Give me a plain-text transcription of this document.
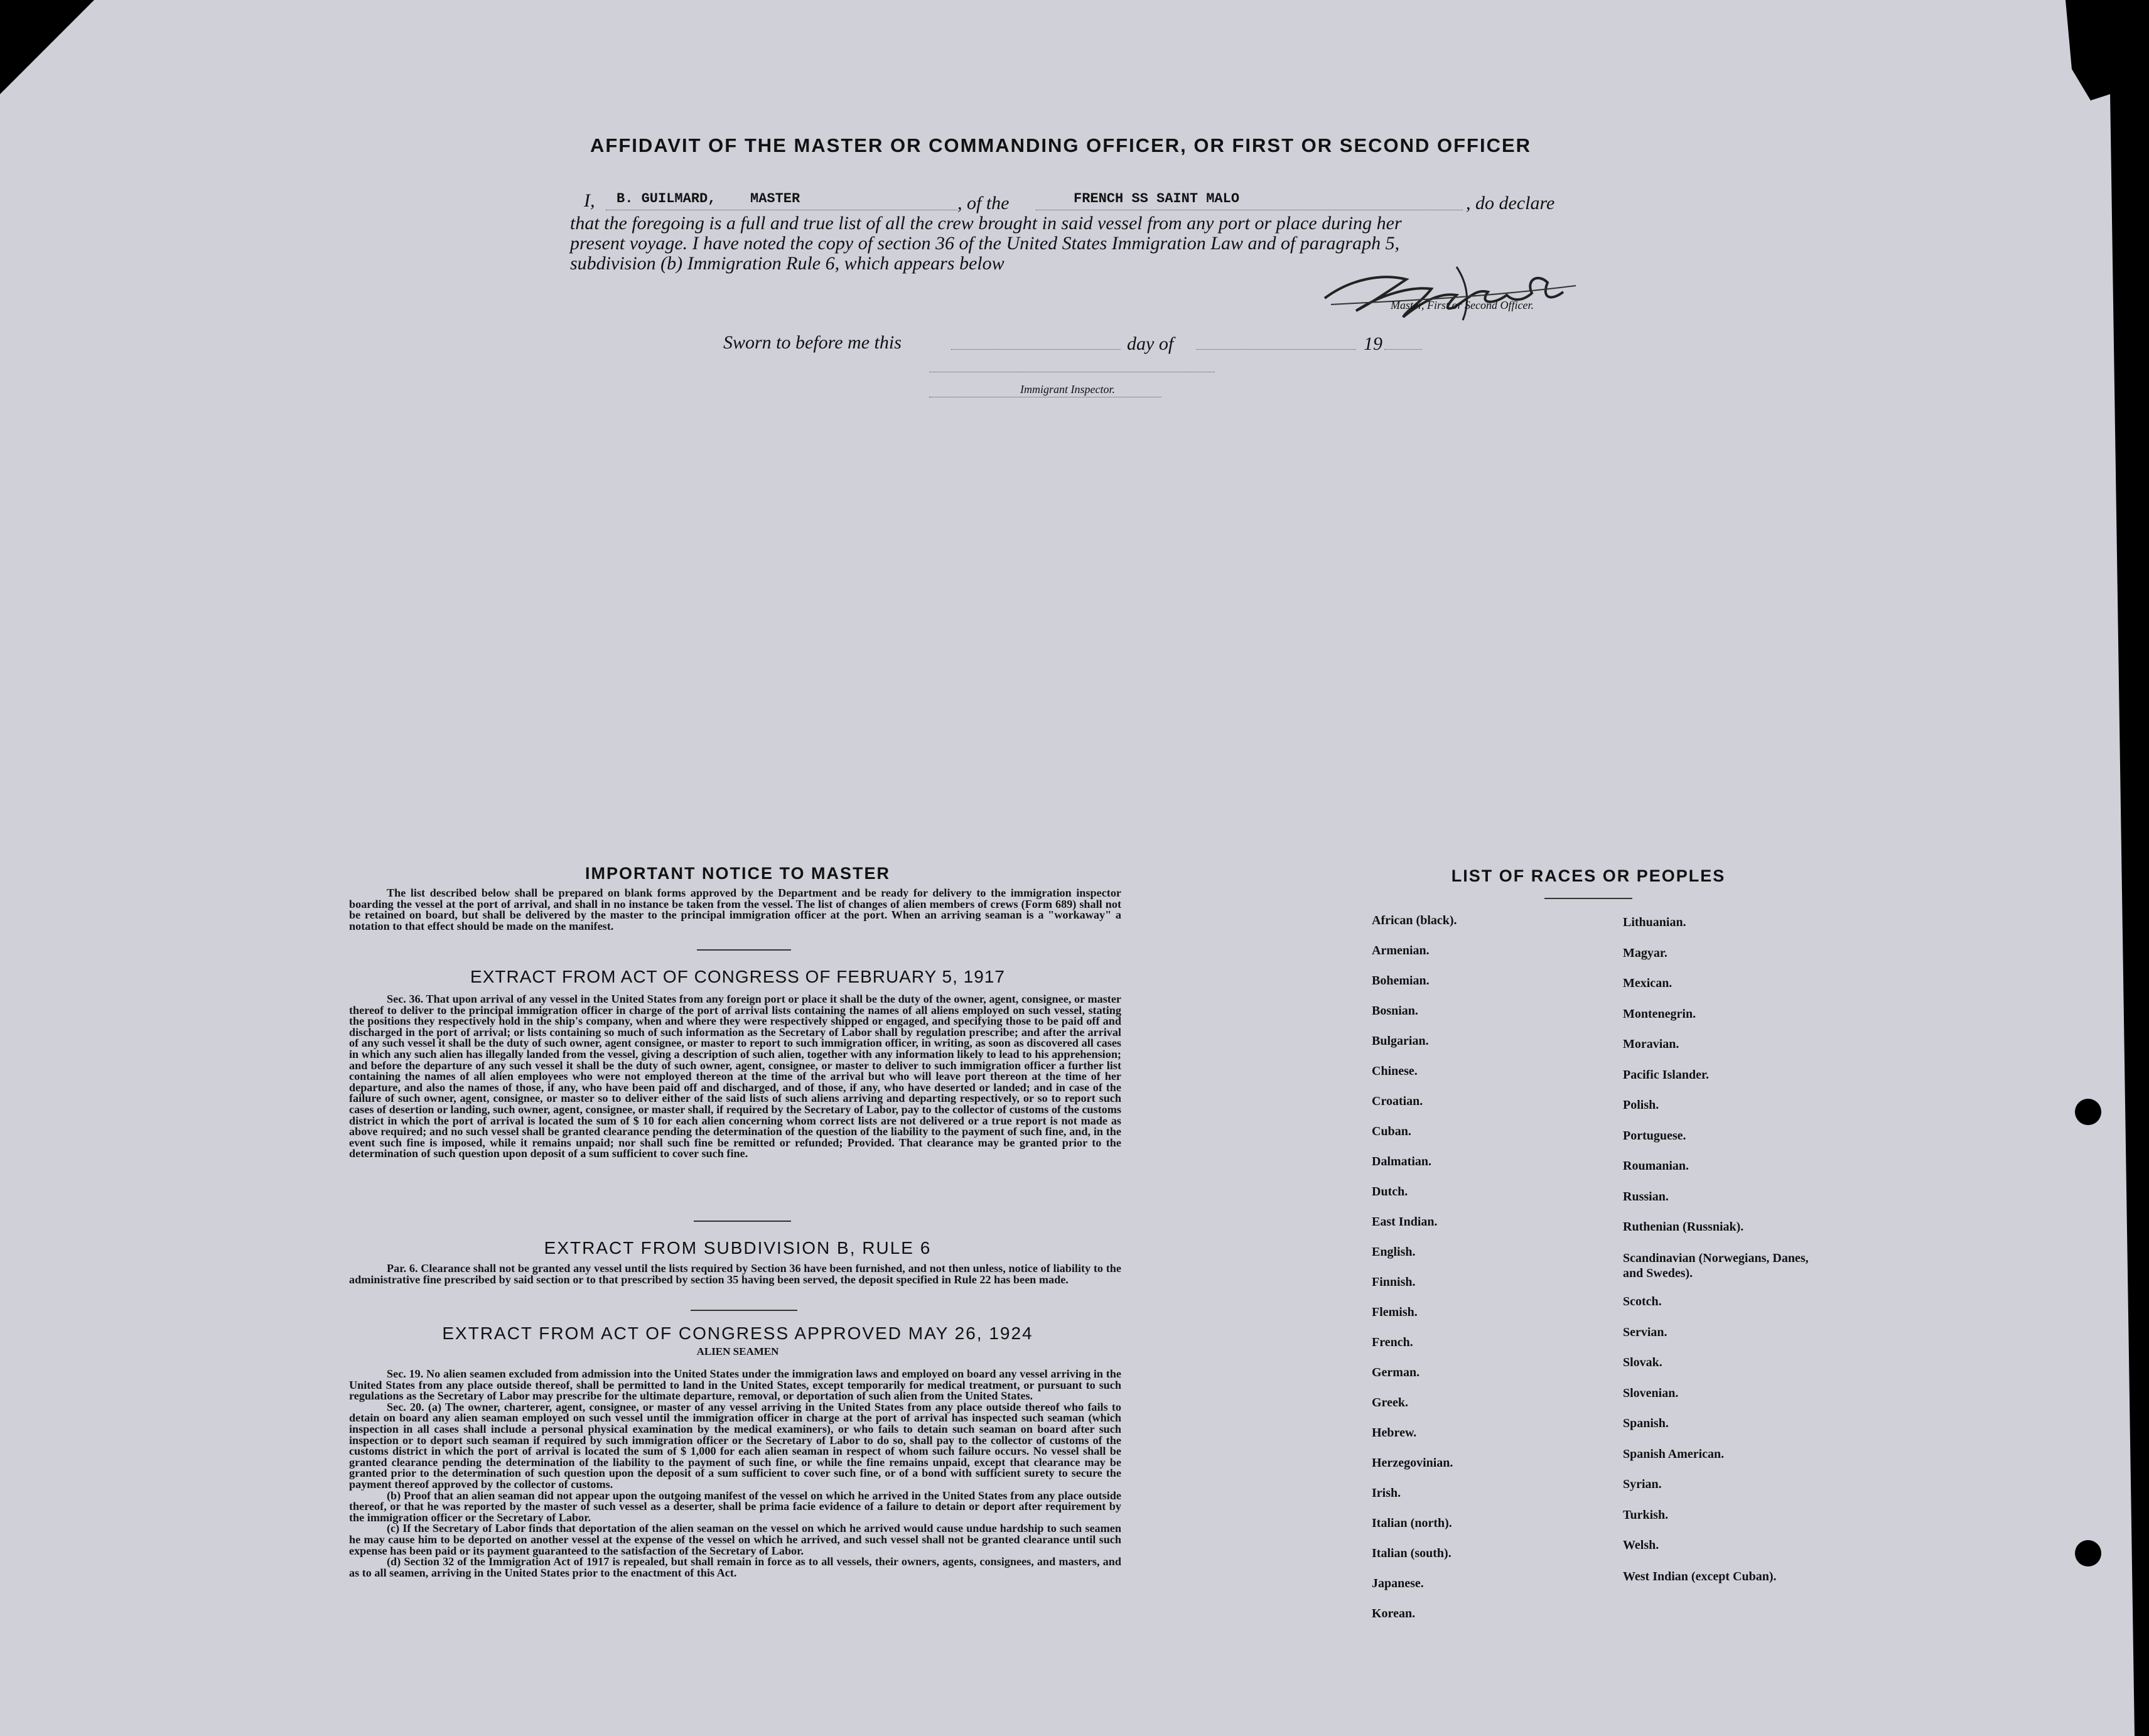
AFFIDAVIT OF THE MASTER OR COMMANDING OFFICER, OR FIRST OR SECOND OFFICER
I, B. GUILMARD, MASTER	, of the	FRENCH SS SAINT MALO	, do declare
that the foregoing is a full and true list of all the crew brought in said vessel from any port or place during her
present voyage. I have noted the copy of section 36 of the United States Immigration Law and of paragraph 5,
subdivision (b) Immigration Rule 6, which appears below
Master, First or Second Officer.
Sworn to before me this	day of	19
Immigrant Inspector.
IMPORTANT NOTICE TO MASTER

The list described below shall be prepared on blank forms approved by the Department and be ready for delivery to the immigration inspector boarding the vessel at the port of arrival, and shall in no instance be taken from the vessel. The list of changes of alien members of crews (Form 689) shall not be retained on board, but shall be delivered by the master to the principal immigration officer at the port. When an arriving seaman is a "workaway" a notation to that effect should be made on the manifest.

EXTRACT FROM ACT OF CONGRESS OF FEBRUARY 5, 1917

Sec. 36. That upon arrival of any vessel in the United States from any foreign port or place it shall be the duty of the owner, agent, consignee, or master thereof to deliver to the principal immigration officer in charge of the port of arrival lists containing the names of all aliens employed on such vessel, stating the positions they respectively hold in the ship's company, when and where they were respectively shipped or engaged, and specifying those to be paid off and discharged in the port of arrival; or lists containing so much of such information as the Secretary of Labor shall by regulation prescribe; and after the arrival of any such vessel it shall be the duty of such owner, agent consignee, or master to report to such immigration officer, in writing, as soon as discovered all cases in which any such alien has illegally landed from the vessel, giving a description of such alien, together with any information likely to lead to his apprehension; and before the departure of any such vessel it shall be the duty of such owner, agent, consignee, or master to deliver to such immigration officer a further list containing the names of all alien employees who were not employed thereon at the time of the arrival but who will leave port thereon at the time of her departure, and also the names of those, if any, who have been paid off and discharged, and of those, if any, who have deserted or landed; and in case of the failure of such owner, agent, consignee, or master so to deliver either of the said lists of such aliens arriving and departing respectively, or so to report such cases of desertion or landing, such owner, agent, consignee, or master shall, if required by the Secretary of Labor, pay to the collector of customs of the customs district in which the port of arrival is located the sum of $ 10 for each alien concerning whom correct lists are not delivered or a true report is not made as above required; and no such vessel shall be granted clearance pending the determination of the question of the liability to the payment of such fine, and, in the event such fine is imposed, while it remains unpaid; nor shall such fine be remitted or refunded; Provided. That clearance may be granted prior to the determination of such question upon deposit of a sum sufficient to cover such fine.

EXTRACT FROM SUBDIVISION B, RULE 6

Par. 6. Clearance shall not be granted any vessel until the lists required by Section 36 have been furnished, and not then unless, notice of liability to the administrative fine prescribed by said section or to that prescribed by section 35 having been served, the deposit specified in Rule 22 has been made.

EXTRACT FROM ACT OF CONGRESS APPROVED MAY 26, 1924
ALIEN SEAMEN

Sec. 19. No alien seamen excluded from admission into the United States under the immigration laws and employed on board any vessel arriving in the United States from any place outside thereof, shall be permitted to land in the United States, except temporarily for medical treatment, or pursuant to such regulations as the Secretary of Labor may prescribe for the ultimate departure, removal, or deportation of such alien from the United States.

Sec. 20. (a) The owner, charterer, agent, consignee, or master of any vessel arriving in the United States from any place outside thereof who fails to detain on board any alien seaman employed on such vessel until the immigration officer in charge at the port of arrival has inspected such seaman (which inspection in all cases shall include a personal physical examination by the medical examiners), or who fails to detain such seaman on board after such inspection or to deport such seaman if required by such immigration officer or the Secretary of Labor to do so, shall pay to the collector of customs of the customs district in which the port of arrival is located the sum of $ 1,000 for each alien seaman in respect of whom such failure occurs. No vessel shall be granted clearance pending the determination of the liability to the payment of such fine, or while the fine remains unpaid, except that clearance may be granted prior to the determination of such question upon the deposit of a sum sufficient to cover such fine, or of a bond with sufficient surety to secure the payment thereof approved by the collector of customs.

(b) Proof that an alien seaman did not appear upon the outgoing manifest of the vessel on which he arrived in the United States from any place outside thereof, or that he was reported by the master of such vessel as a deserter, shall be prima facie evidence of a failure to detain or deport after requirement by the immigration officer or the Secretary of Labor.

(c) If the Secretary of Labor finds that deportation of the alien seaman on the vessel on which he arrived would cause undue hardship to such seamen he may cause him to be deported on another vessel at the expense of the vessel on which he arrived, and such vessel shall not be granted clearance until such expense has been paid or its payment guaranteed to the satisfaction of the Secretary of Labor.

(d) Section 32 of the Immigration Act of 1917 is repealed, but shall remain in force as to all vessels, their owners, agents, consignees, and masters, and as to all seamen, arriving in the United States prior to the enactment of this Act.

LIST OF RACES OR PEOPLES
African (black).
Armenian.
Bohemian.
Bosnian.
Bulgarian.
Chinese.
Croatian.
Cuban.
Dalmatian.
Dutch.
East Indian.
English.
Finnish.
Flemish.
French.
German.
Greek.
Hebrew.
Herzegovinian.
Irish.
Italian (north).
Italian (south).
Japanese.
Korean.
Lithuanian.
Magyar.
Mexican.
Montenegrin.
Moravian.
Pacific Islander.
Polish.
Portuguese.
Roumanian.
Russian.
Ruthenian (Russniak).
Scandinavian (Norwegians, Danes, and Swedes).
Scotch.
Servian.
Slovak.
Slovenian.
Spanish.
Spanish American.
Syrian.
Turkish.
Welsh.
West Indian (except Cuban).
